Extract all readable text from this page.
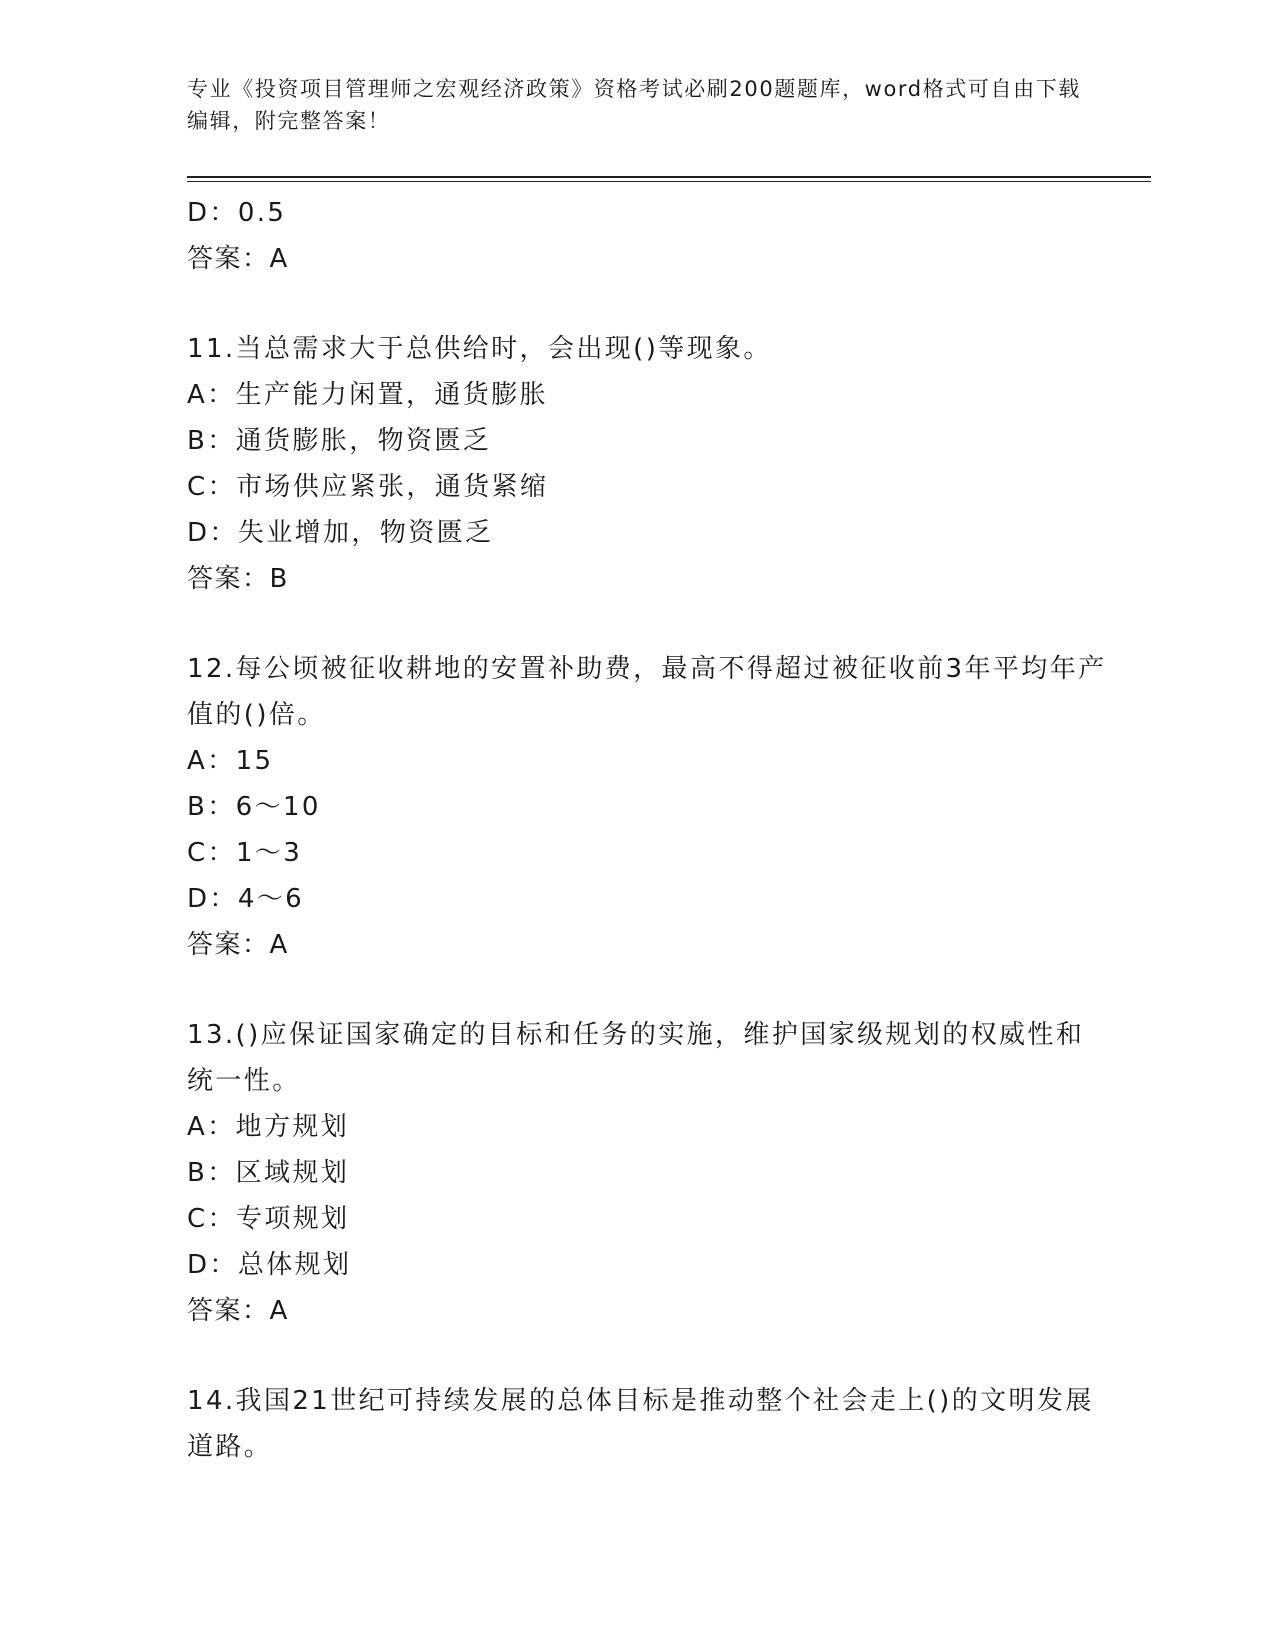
专业《投资项目管理师之宏观经济政策》资格考试必刷200题题库，word格式可自由下载编辑，附完整答案！
D：0.5
答案：A
11.当总需求大于总供给时，会出现()等现象。
A：生产能力闲置，通货膨胀
B：通货膨胀，物资匮乏
C：市场供应紧张，通货紧缩
D：失业增加，物资匮乏
答案：B
12.每公顷被征收耕地的安置补助费，最高不得超过被征收前3年平均年产值的()倍。
A：15
B：6～10
C：1～3
D：4～6
答案：A
13.()应保证国家确定的目标和任务的实施，维护国家级规划的权威性和统一性。
A：地方规划
B：区域规划
C：专项规划
D：总体规划
答案：A
14.我国21世纪可持续发展的总体目标是推动整个社会走上()的文明发展道路。
